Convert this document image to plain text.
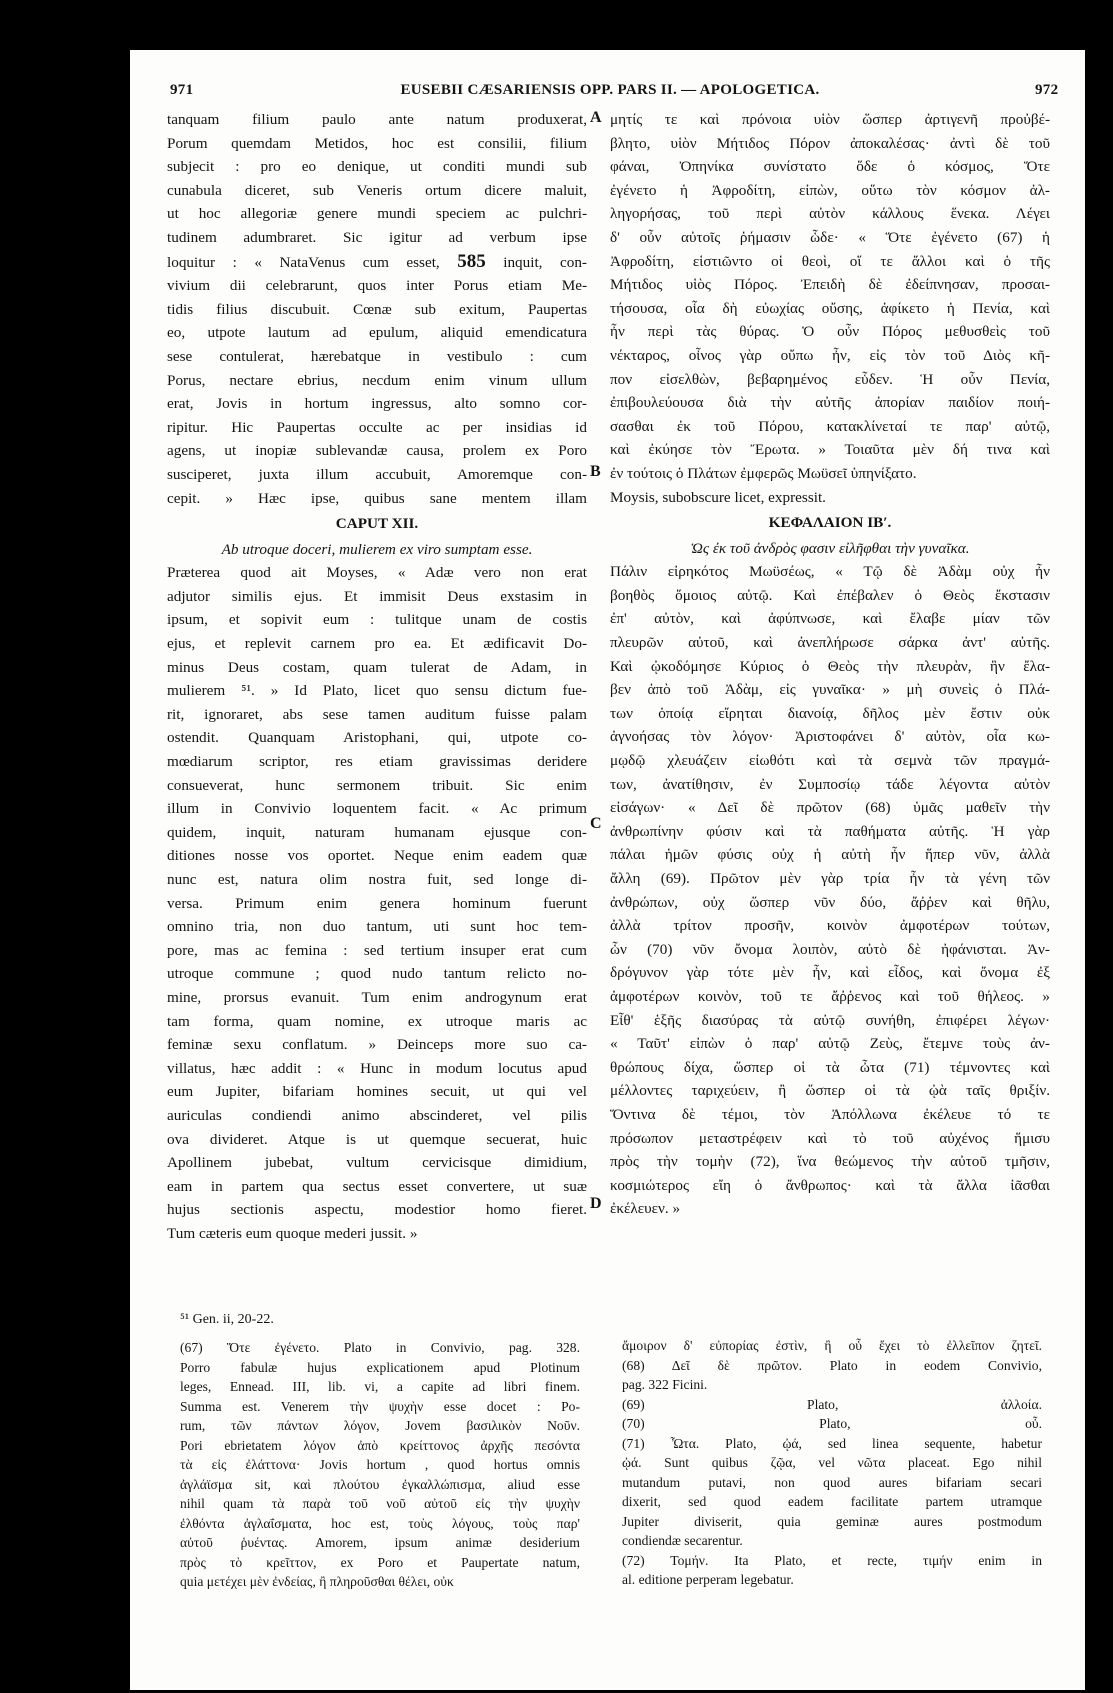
971	EUSEBII CÆSARIENSIS OPP. PARS II. — APOLOGETICA.	972
tanquam filium paulo ante natum produxerat,
Porum quemdam Metidos, hoc est consilii, filium
subjecit : pro eo denique, ut conditi mundi sub
cunabula diceret, sub Veneris ortum dicere maluit,
ut hoc allegoriæ genere mundi speciem ac pulchri-
tudinem adumbraret. Sic igitur ad verbum ipse
loquitur : « NataVenus cum esset, 585 inquit, con-
vivium dii celebrarunt, quos inter Porus etiam Me-
tidis filius discubuit. Cœnæ sub exitum, Paupertas
eo, utpote lautum ad epulum, aliquid emendicatura
sese contulerat, hærebatque in vestibulo : cum
Porus, nectare ebrius, necdum enim vinum ullum
erat, Jovis in hortum ingressus, alto somno cor-
ripitur. Hic Paupertas occulte ac per insidias id
agens, ut inopiæ sublevandæ causa, prolem ex Poro
susciperet, juxta illum accubuit, Amoremque con-
cepit. » Hæc ipse, quibus sane mentem illam
CAPUT XII.
Ab utroque doceri, mulierem ex viro sumptam esse.
Præterea quod ait Moyses, « Adæ vero non erat
adjutor similis ejus. Et immisit Deus exstasim in
ipsum, et sopivit eum : tulitque unam de costis
ejus, et replevit carnem pro ea. Et ædificavit Do-
minus Deus costam, quam tulerat de Adam, in
mulierem ⁵¹. » Id Plato, licet quo sensu dictum fue-
rit, ignoraret, abs sese tamen auditum fuisse palam
ostendit. Quanquam Aristophani, qui, utpote co-
mœdiarum scriptor, res etiam gravissimas deridere
consueverat, hunc sermonem tribuit. Sic enim
illum in Convivio loquentem facit. « Ac primum
quidem, inquit, naturam humanam ejusque con-
ditiones nosse vos oportet. Neque enim eadem quæ
nunc est, natura olim nostra fuit, sed longe di-
versa. Primum enim genera hominum fuerunt
omnino tria, non duo tantum, uti sunt hoc tem-
pore, mas ac femina : sed tertium insuper erat cum
utroque commune ; quod nudo tantum relicto no-
mine, prorsus evanuit. Tum enim androgynum erat
tam forma, quam nomine, ex utroque maris ac
feminæ sexu conflatum. » Deinceps more suo ca-
villatus, hæc addit : « Hunc in modum locutus apud
eum Jupiter, bifariam homines secuit, ut qui vel
auriculas condiendi animo abscinderet, vel pilis
ova divideret. Atque is ut quemque secuerat, huic
Apollinem jubebat, vultum cervicisque dimidium,
eam in partem qua sectus esset convertere, ut suæ
hujus sectionis aspectu, modestior homo fieret.
Tum cæteris eum quoque mederi jussit. »
A
B
C
D
μητίς τε καὶ πρόνοια υἱὸν ὥσπερ ἀρτιγενῆ προὐβέ-
βλητο, υἱὸν Μήτιδος Πόρον ἀποκαλέσας· ἀντὶ δὲ τοῦ
φάναι, Ὀπηνίκα συνίστατο ὅδε ὁ κόσμος, Ὅτε
ἐγένετο ἡ Ἀφροδίτη, εἰπὼν, οὕτω τὸν κόσμον ἀλ-
ληγορήσας, τοῦ περὶ αὐτὸν κάλλους ἕνεκα. Λέγει
δ' οὖν αὐτοῖς ῥήμασιν ὧδε· « Ὅτε ἐγένετο (67) ἡ
Ἀφροδίτη, εἱστιῶντο οἱ θεοὶ, οἵ τε ἄλλοι καὶ ὁ τῆς
Μήτιδος υἱὸς Πόρος. Ἐπειδὴ δὲ ἐδείπνησαν, προσαι-
τήσουσα, οἷα δὴ εὐωχίας οὔσης, ἀφίκετο ἡ Πενία, καὶ
ἦν περὶ τὰς θύρας. Ὁ οὖν Πόρος μεθυσθεὶς τοῦ
νέκταρος, οἶνος γὰρ οὔπω ἦν, εἰς τὸν τοῦ Διὸς κῆ-
πον εἰσελθὼν, βεβαρημένος εὗδεν. Ἡ οὖν Πενία,
ἐπιβουλεύουσα διὰ τὴν αὐτῆς ἀπορίαν παιδίον ποιή-
σασθαι ἐκ τοῦ Πόρου, κατακλίνεταί τε παρ' αὐτῷ,
καὶ ἐκύησε τὸν Ἔρωτα. » Τοιαῦτα μὲν δή τινα καὶ
ἐν τούτοις ὁ Πλάτων ἐμφερῶς Μωϋσεῖ ὑπηνίξατο.
Moysis, subobscure licet, expressit.
ΚΕΦΑΛΑΙΟΝ ΙΒʹ.
Ὡς ἐκ τοῦ ἀνδρὸς φασιν εἰλῆφθαι τὴν γυναῖκα.
Πάλιν εἰρηκότος Μωϋσέως, « Τῷ δὲ Ἀδὰμ οὐχ ἦν
βοηθὸς ὅμοιος αὐτῷ. Καὶ ἐπέβαλεν ὁ Θεὸς ἔκστασιν
ἐπ' αὐτὸν, καὶ ἀφύπνωσε, καὶ ἔλαβε μίαν τῶν
πλευρῶν αὐτοῦ, καὶ ἀνεπλήρωσε σάρκα ἀντ' αὐτῆς.
Καὶ ᾠκοδόμησε Κύριος ὁ Θεὸς τὴν πλευρὰν, ἣν ἔλα-
βεν ἀπὸ τοῦ Ἀδὰμ, εἰς γυναῖκα· » μὴ συνεὶς ὁ Πλά-
των ὁποίᾳ εἴρηται διανοίᾳ, δῆλος μὲν ἔστιν οὐκ
ἀγνοήσας τὸν λόγον· Ἀριστοφάνει δ' αὐτὸν, οἷα κω-
μῳδῷ χλευάζειν εἰωθότι καὶ τὰ σεμνὰ τῶν πραγμά-
των, ἀνατίθησιν, ἐν Συμποσίῳ τάδε λέγοντα αὐτὸν
εἰσάγων· « Δεῖ δὲ πρῶτον (68) ὑμᾶς μαθεῖν τὴν
ἀνθρωπίνην φύσιν καὶ τὰ παθήματα αὐτῆς. Ἡ γὰρ
πάλαι ἡμῶν φύσις οὐχ ἡ αὐτὴ ἦν ἥπερ νῦν, ἀλλὰ
ἄλλη (69). Πρῶτον μὲν γὰρ τρία ἦν τὰ γένη τῶν
ἀνθρώπων, οὐχ ὥσπερ νῦν δύο, ἄῤῥεν καὶ θῆλυ,
ἀλλὰ τρίτον προσῆν, κοινὸν ἀμφοτέρων τούτων,
ὧν (70) νῦν ὄνομα λοιπὸν, αὐτὸ δὲ ἠφάνισται. Ἀν-
δρόγυνον γὰρ τότε μὲν ἦν, καὶ εἶδος, καὶ ὄνομα ἐξ
ἀμφοτέρων κοινὸν, τοῦ τε ἄῤῥενος καὶ τοῦ θήλεος. »
Εἶθ' ἑξῆς διασύρας τὰ αὐτῷ συνήθη, ἐπιφέρει λέγων·
« Ταῦτ' εἰπὼν ὁ παρ' αὐτῷ Ζεὺς, ἔτεμνε τοὺς ἀν-
θρώπους δίχα, ὥσπερ οἱ τὰ ὦτα (71) τέμνοντες καὶ
μέλλοντες ταριχεύειν, ἢ ὥσπερ οἱ τὰ ᾠὰ ταῖς θριξίν.
Ὅντινα δὲ τέμοι, τὸν Ἀπόλλωνα ἐκέλευε τό τε
πρόσωπον μεταστρέφειν καὶ τὸ τοῦ αὐχένος ἥμισυ
πρὸς τὴν τομὴν (72), ἵνα θεώμενος τὴν αὐτοῦ τμῆσιν,
κοσμιώτερος εἴη ὁ ἄνθρωπος· καὶ τὰ ἄλλα ἰᾶσθαι
ἐκέλευεν. »
⁵¹ Gen. ii, 20-22.
(67) Ὅτε ἐγένετο. Plato in Convivio, pag. 328.
Porro fabulæ hujus explicationem apud Plotinum
leges, Ennead. III, lib. vi, a capite ad libri finem.
Summa est. Venerem τὴν ψυχὴν esse docet : Po-
rum, τῶν πάντων λόγον, Jovem βασιλικὸν Νοῦν.
Pori ebrietatem λόγον ἀπὸ κρείττονος ἀρχῆς πεσόντα
τὰ εἰς ἐλάττονα· Jovis hortum , quod hortus omnis
ἀγλάϊσμα sit, καὶ πλούτου ἐγκαλλώπισμα, aliud esse
nihil quam τὰ παρὰ τοῦ νοῦ αὐτοῦ εἰς τὴν ψυχὴν
ἐλθόντα ἀγλαΐσματα, hoc est, τοὺς λόγους, τοὺς παρ'
αὐτοῦ ῥυέντας. Amorem, ipsum animæ desiderium
πρὸς τὸ κρεῖττον, ex Poro et Paupertate natum,
quia μετέχει μὲν ἐνδείας, ἢ πληροῦσθαι θέλει, οὐκ
ἄμοιρον δ' εὐπορίας ἐστὶν, ἢ οὗ ἔχει τὸ ἐλλεῖπον ζητεῖ.
(68) Δεῖ δὲ πρῶτον. Plato in eodem Convivio,
pag. 322 Ficini.
(69) Plato, ἀλλοία.
(70) Plato, οὗ.
(71) Ὦτα. Plato, ᾠά, sed linea sequente, habetur
ᾠά. Sunt quibus ζῷα, vel νῶτα placeat. Ego nihil
mutandum putavi, non quod aures bifariam secari
dixerit, sed quod eadem facilitate partem utramque
Jupiter diviserit, quia geminæ aures postmodum
condiendæ secarentur.
(72) Τομήν. Ita Plato, et recte, τιμήν enim in
al. editione perperam legebatur.
